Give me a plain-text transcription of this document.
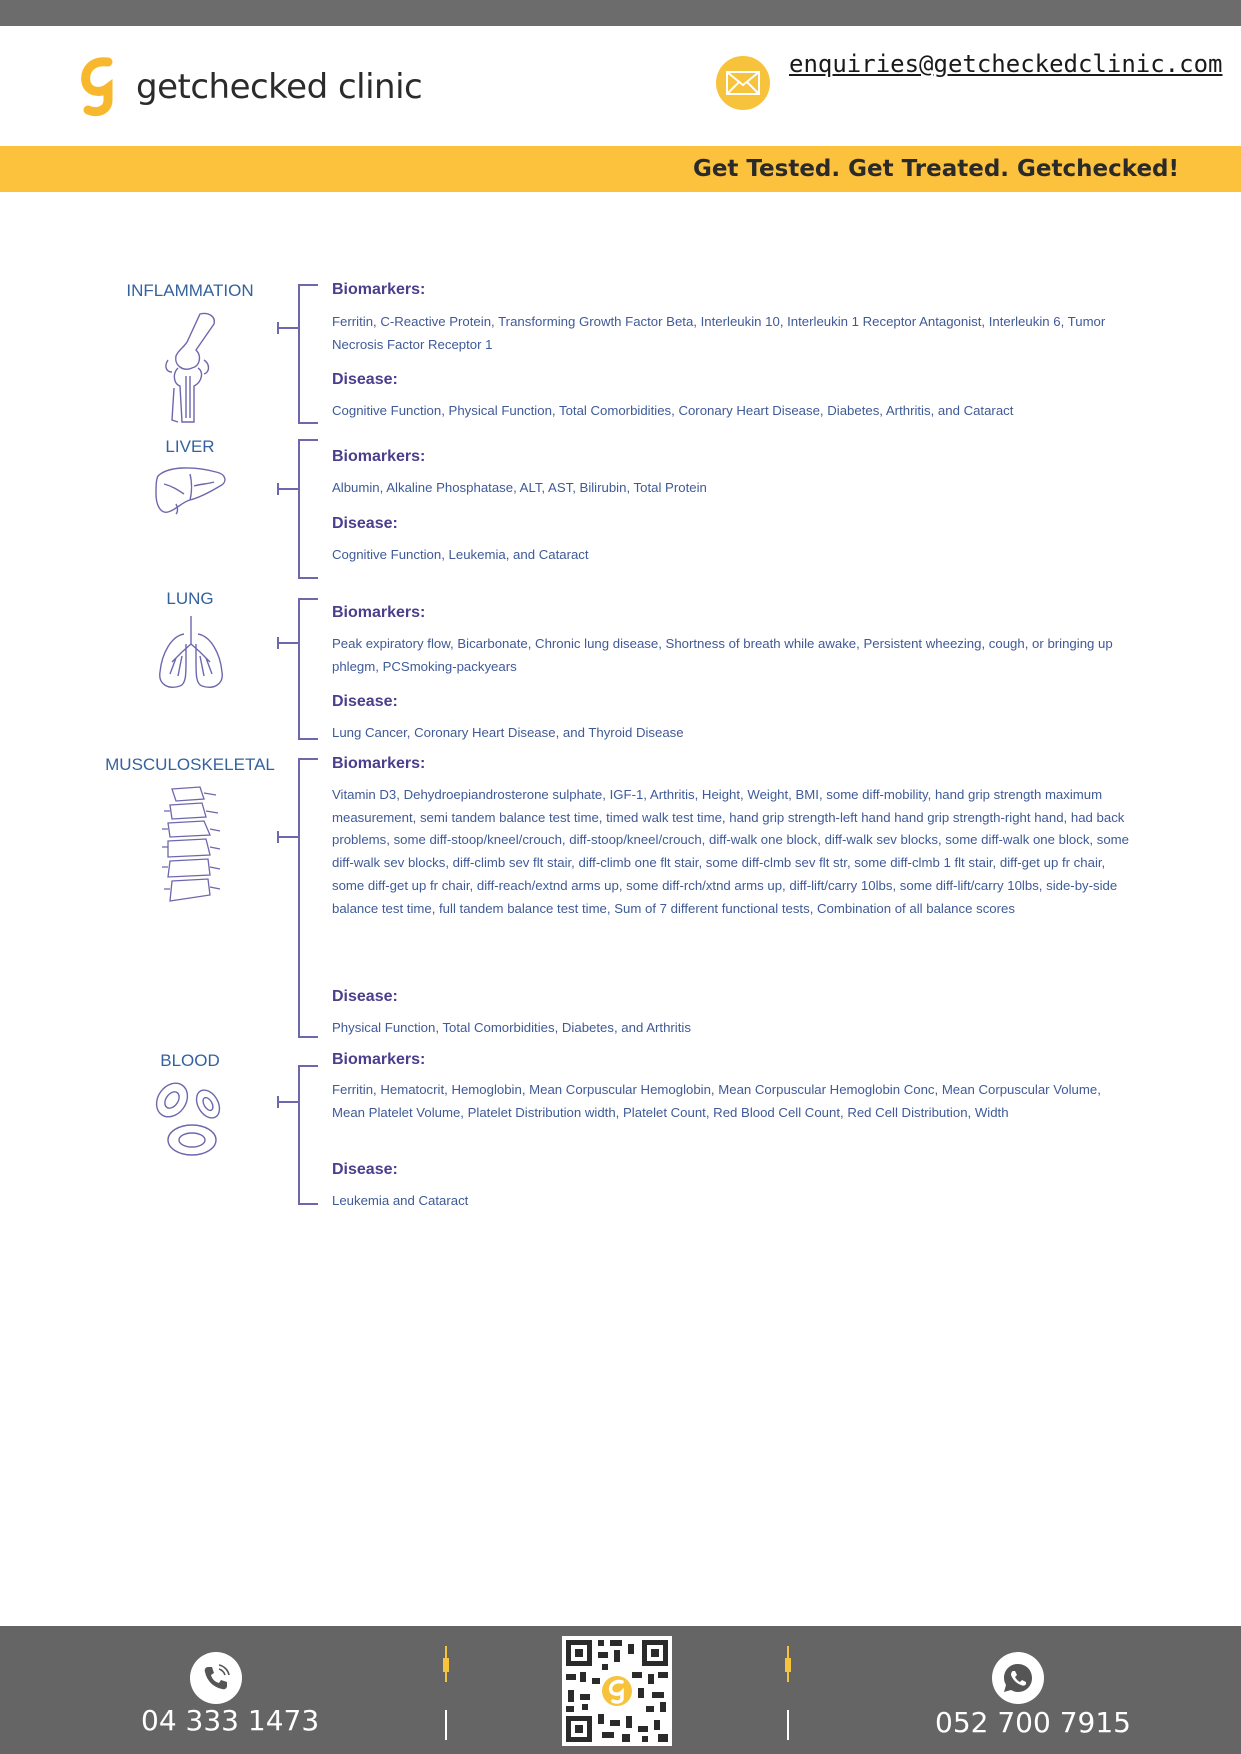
getchecked clinic
enquiries@getcheckedclinic.com
Get Tested. Get Treated. Getchecked!
INFLAMMATION	Biomarkers:
Ferritin, C-Reactive Protein, Transforming Growth Factor Beta, Interleukin 10, Interleukin 1 Receptor Antagonist, Interleukin 6, Tumor Necrosis Factor Receptor 1
Disease:
Cognitive Function, Physical Function, Total Comorbidities, Coronary Heart Disease, Diabetes, Arthritis, and Cataract
LIVER
Biomarkers:
Albumin, Alkaline Phosphatase, ALT, AST, Bilirubin, Total Protein
Disease:
Cognitive Function, Leukemia, and Cataract
LUNG
Biomarkers:
Peak expiratory flow, Bicarbonate, Chronic lung disease, Shortness of breath while awake, Persistent wheezing, cough, or bringing up phlegm, PCSmoking-packyears
Disease:
Lung Cancer, Coronary Heart Disease, and Thyroid Disease
MUSCULOSKELETAL	Biomarkers:
Vitamin D3, Dehydroepiandrosterone sulphate, IGF-1, Arthritis, Height, Weight, BMI, some diff-mobility, hand grip strength maximum measurement, semi tandem balance test time, timed walk test time, hand grip strength-left hand hand grip strength-right hand, had back problems, some diff-stoop/kneel/crouch, diff-stoop/kneel/crouch, diff-walk one block, diff-walk sev blocks, some diff-walk one block, some diff-walk sev blocks, diff-climb sev flt stair, diff-climb one flt stair, some diff-clmb sev flt str, some diff-clmb 1 flt stair, diff-get up fr chair, some diff-get up fr chair, diff-reach/extnd arms up, some diff-rch/xtnd arms up, diff-lift/carry 10lbs, some diff-lift/carry 10lbs, side-by-side balance test time, full tandem balance test time, Sum of 7 different functional tests, Combination of all balance scores
Disease:
Physical Function, Total Comorbidities, Diabetes, and Arthritis
BLOOD	Biomarkers:
Ferritin, Hematocrit, Hemoglobin, Mean Corpuscular Hemoglobin, Mean Corpuscular Hemoglobin Conc, Mean Corpuscular Volume, Mean Platelet Volume, Platelet Distribution width, Platelet Count, Red Blood Cell Count, Red Cell Distribution, Width
Disease:
Leukemia and Cataract
04 333 1473	052 700 7915
